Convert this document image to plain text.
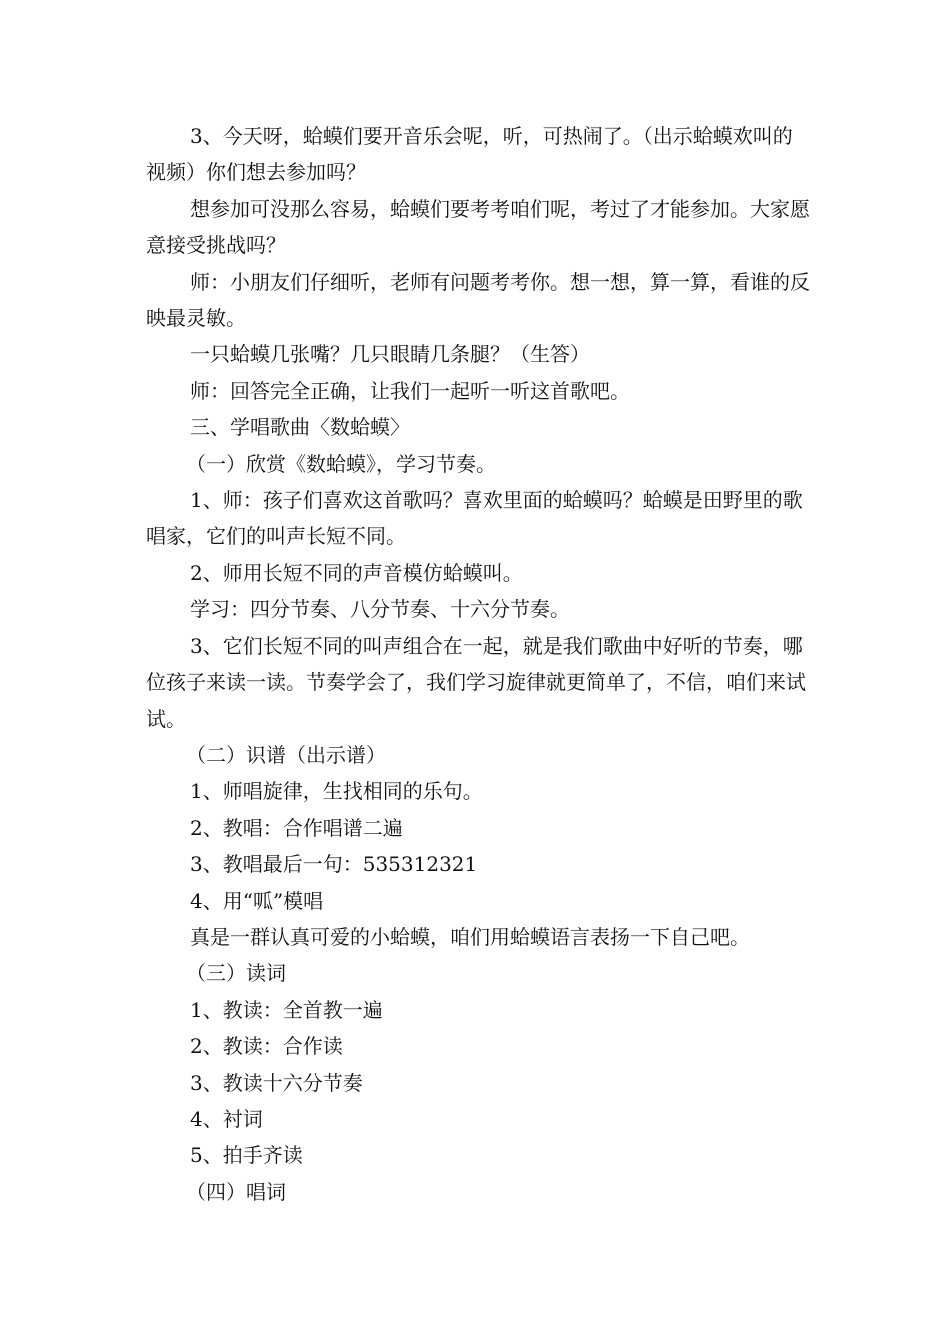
3、今天呀，蛤蟆们要开音乐会呢，听，可热闹了。（出示蛤蟆欢叫的视频）你们想去参加吗？

想参加可没那么容易，蛤蟆们要考考咱们呢，考过了才能参加。大家愿意接受挑战吗？

师：小朋友们仔细听，老师有问题考考你。想一想，算一算，看谁的反映最灵敏。

一只蛤蟆几张嘴？几只眼睛几条腿？（生答）

师：回答完全正确，让我们一起听一听这首歌吧。

三、学唱歌曲〈数蛤蟆〉

（一）欣赏《数蛤蟆》，学习节奏。

1、师：孩子们喜欢这首歌吗？喜欢里面的蛤蟆吗？蛤蟆是田野里的歌唱家，它们的叫声长短不同。

2、师用长短不同的声音模仿蛤蟆叫。

学习：四分节奏、八分节奏、十六分节奏。

3、它们长短不同的叫声组合在一起，就是我们歌曲中好听的节奏，哪位孩子来读一读。节奏学会了，我们学习旋律就更简单了，不信，咱们来试试。

（二）识谱（出示谱）

1、师唱旋律，生找相同的乐句。

2、教唱：合作唱谱二遍

3、教唱最后一句：535312321

4、用“呱”模唱

真是一群认真可爱的小蛤蟆，咱们用蛤蟆语言表扬一下自己吧。

（三）读词

1、教读：全首教一遍

2、教读：合作读

3、教读十六分节奏

4、衬词

5、拍手齐读

（四）唱词
